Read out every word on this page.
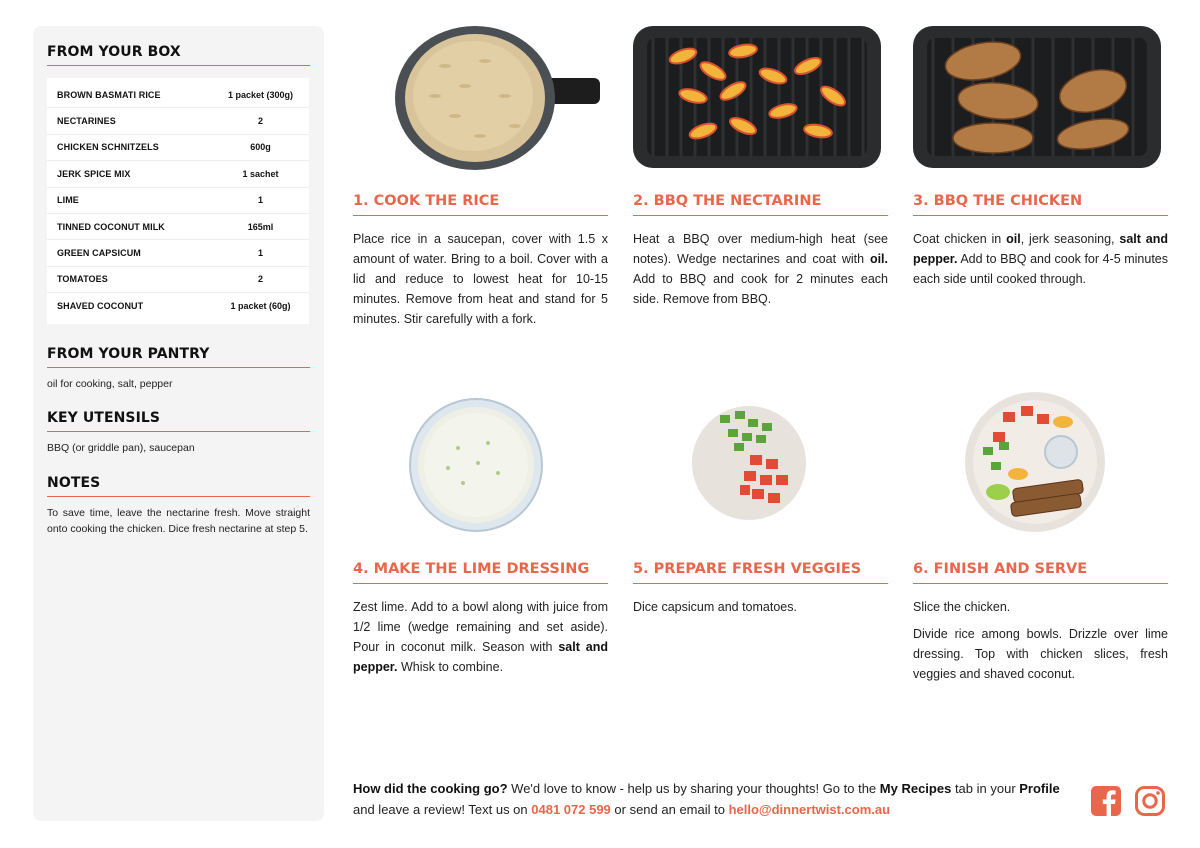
FROM YOUR BOX
BROWN BASMATI RICE	1 packet (300g)
NECTARINES	2
CHICKEN SCHNITZELS	600g
JERK SPICE MIX	1 sachet
LIME	1
TINNED COCONUT MILK	165ml
GREEN CAPSICUM	1
TOMATOES	2
SHAVED COCONUT	1 packet (60g)
FROM YOUR PANTRY
oil for cooking, salt, pepper
KEY UTENSILS
BBQ (or griddle pan), saucepan
NOTES
To save time, leave the nectarine fresh. Move straight onto cooking the chicken. Dice fresh nectarine at step 5.
1. COOK THE RICE

Place rice in a saucepan, cover with 1.5 x amount of water. Bring to a boil. Cover with a lid and reduce to lowest heat for 10-15 minutes. Remove from heat and stand for 5 minutes. Stir carefully with a fork.

2. BBQ THE NECTARINE

Heat a BBQ over medium-high heat (see notes). Wedge nectarines and coat with oil. Add to BBQ and cook for 2 minutes each side. Remove from BBQ.

3. BBQ THE CHICKEN

Coat chicken in oil, jerk seasoning, salt and pepper. Add to BBQ and cook for 4-5 minutes each side until cooked through.

4. MAKE THE LIME DRESSING

Zest lime. Add to a bowl along with juice from 1/2 lime (wedge remaining and set aside). Pour in coconut milk. Season with salt and pepper. Whisk to combine.

5. PREPARE FRESH VEGGIES

Dice capsicum and tomatoes.

6. FINISH AND SERVE

Slice the chicken.

Divide rice among bowls. Drizzle over lime dressing. Top with chicken slices, fresh veggies and shaved coconut.

How did the cooking go? We'd love to know - help us by sharing your thoughts! Go to the My Recipes tab in your Profile and leave a review! Text us on 0481 072 599 or send an email to hello@dinnertwist.com.au
